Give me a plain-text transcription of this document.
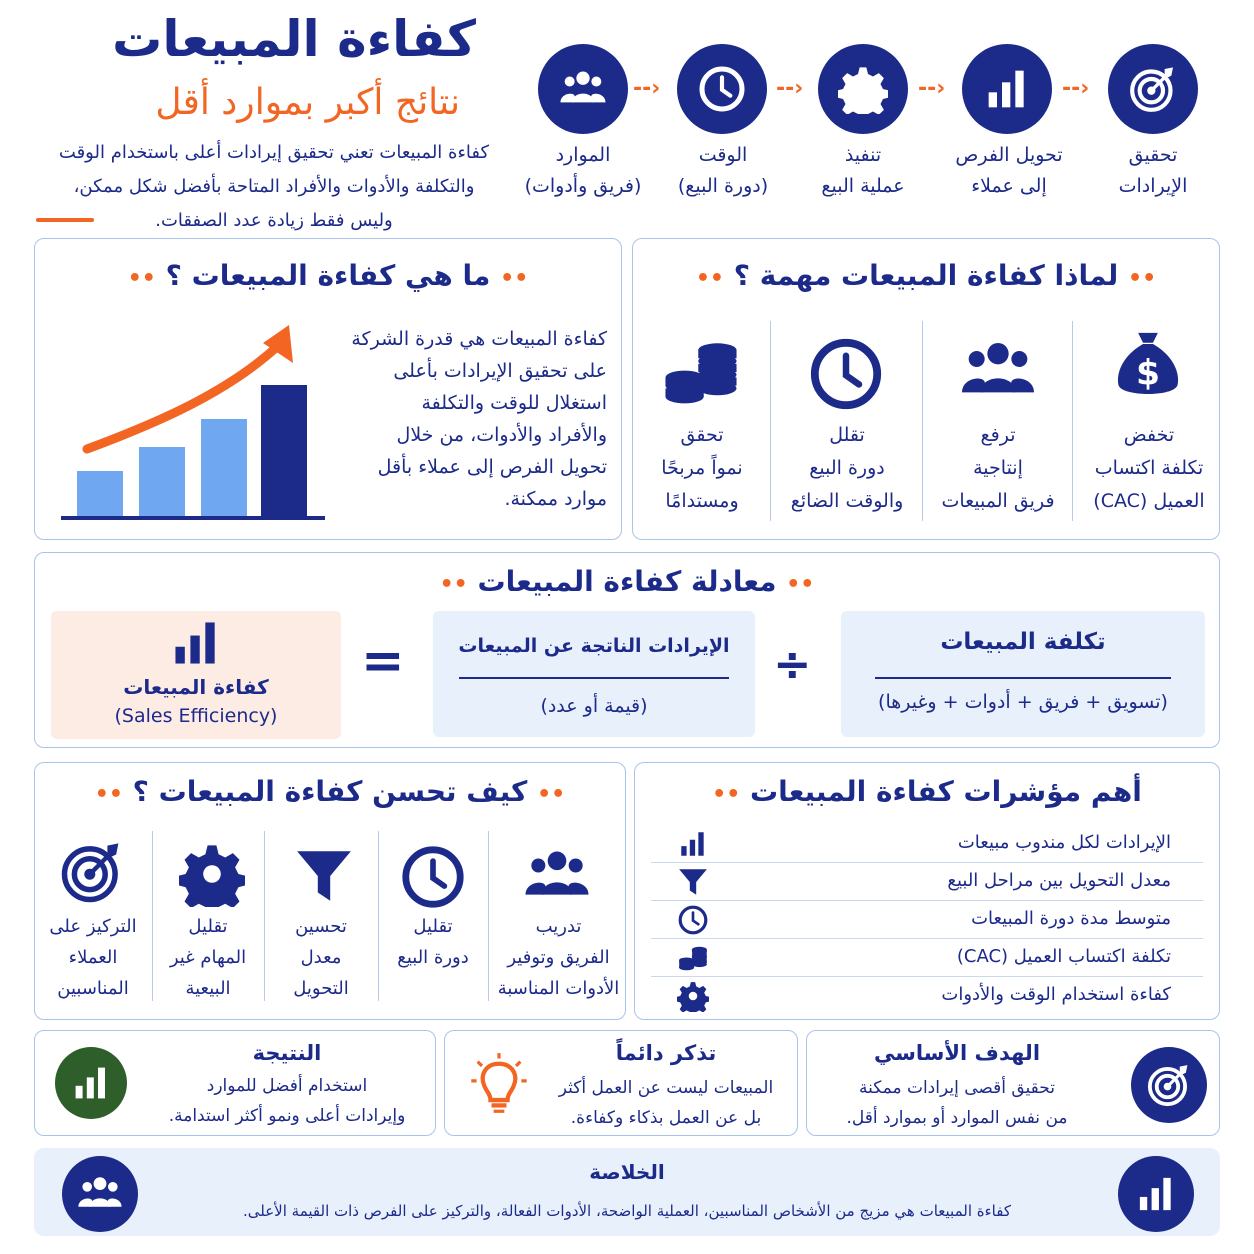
كفاءة المبيعات
نتائج أكبر بموارد أقل
كفاءة المبيعات تعني تحقيق إيرادات أعلى باستخدام الوقت والتكلفة والأدوات والأفراد المتاحة بأفضل شكل ممكن، وليس فقط زيادة عدد الصفقات.
‑‑›
‑‑›
‑‑›
‑‑›
تحقيق
الإيرادات
تحويل الفرص
إلى عملاء
تنفيذ
عملية البيع
الوقت
(دورة البيع)
الموارد
(فريق وأدوات)
•• ما هي كفاءة المبيعات ؟ ••
كفاءة المبيعات هي قدرة الشركة
على تحقيق الإيرادات بأعلى
استغلال للوقت والتكلفة
والأفراد والأدوات، من خلال
تحويل الفرص إلى عملاء بأقل
موارد ممكنة.
•• لماذا كفاءة المبيعات مهمة ؟ ••
تخفض
تكلفة اكتساب
العميل (CAC)
ترفع
إنتاجية
فريق المبيعات
تقلل
دورة البيع
والوقت الضائع
تحقق
نمواً مربحًا
ومستدامًا
•• معادلة كفاءة المبيعات ••
تكلفة المبيعات
(تسويق + فريق + أدوات + وغيرها)
÷
الإيرادات الناتجة عن المبيعات
(قيمة أو عدد)
=
كفاءة المبيعات
(Sales Efficiency)
•• كيف تحسن كفاءة المبيعات ؟ ••
تدريب
الفريق وتوفير
الأدوات المناسبة
تقليل
دورة البيع
تحسين
معدل
التحويل
تقليل
المهام غير
البيعية
التركيز على
العملاء
المناسبين
أهم مؤشرات كفاءة المبيعات ••
الإيرادات لكل مندوب مبيعات
معدل التحويل بين مراحل البيع
متوسط مدة دورة المبيعات
تكلفة اكتساب العميل (CAC)
كفاءة استخدام الوقت والأدوات
النتيجة
استخدام أفضل للموارد
وإيرادات أعلى ونمو أكثر استدامة.
تذكر دائماً
المبيعات ليست عن العمل أكثر
بل عن العمل بذكاء وكفاءة.
الهدف الأساسي
تحقيق أقصى إيرادات ممكنة
من نفس الموارد أو بموارد أقل.
الخلاصة
كفاءة المبيعات هي مزيج من الأشخاص المناسبين، العملية الواضحة، الأدوات الفعالة، والتركيز على الفرص ذات القيمة الأعلى.
